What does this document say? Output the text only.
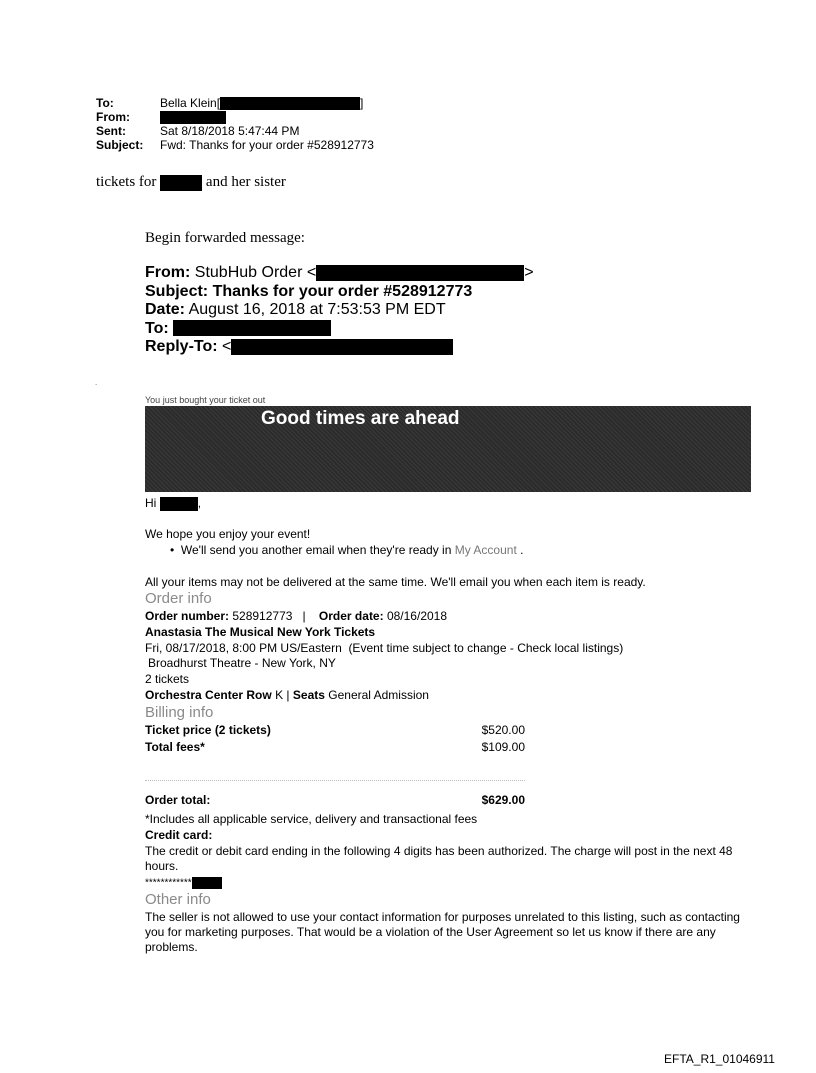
To:	Bella Klein[	]
From:
Sent:	Sat 8/18/2018 5:47:44 PM
Subject:	Fwd: Thanks for your order #528912773
tickets for	and her sister
Begin forwarded message:
From: StubHub Order <	>
Subject: Thanks for your order #528912773
Date: August 16, 2018 at 7:53:53 PM EDT
To:
Reply-To: <
.
You just bought your ticket out
Good times are ahead
Hi	,
We hope you enjoy your event!
•  We'll send you another email when they're ready in My Account .
All your items may not be delivered at the same time. We'll email you when each item is ready.
Order info
Order number: 528912773 | Order date: 08/16/2018
Anastasia The Musical New York Tickets
Fri, 08/17/2018, 8:00 PM US/Eastern  (Event time subject to change - Check local listings)
Broadhurst Theatre - New York, NY
2 tickets
Orchestra Center Row K | Seats General Admission
Billing info
Ticket price (2 tickets)	$520.00
Total fees*	$109.00
Order total:	$629.00
*Includes all applicable service, delivery and transactional fees
Credit card:
The credit or debit card ending in the following 4 digits has been authorized. The charge will post in the next 48 hours.
************
Other info
The seller is not allowed to use your contact information for purposes unrelated to this listing, such as contacting you for marketing purposes. That would be a violation of the User Agreement so let us know if there are any problems.
EFTA_R1_01046911
